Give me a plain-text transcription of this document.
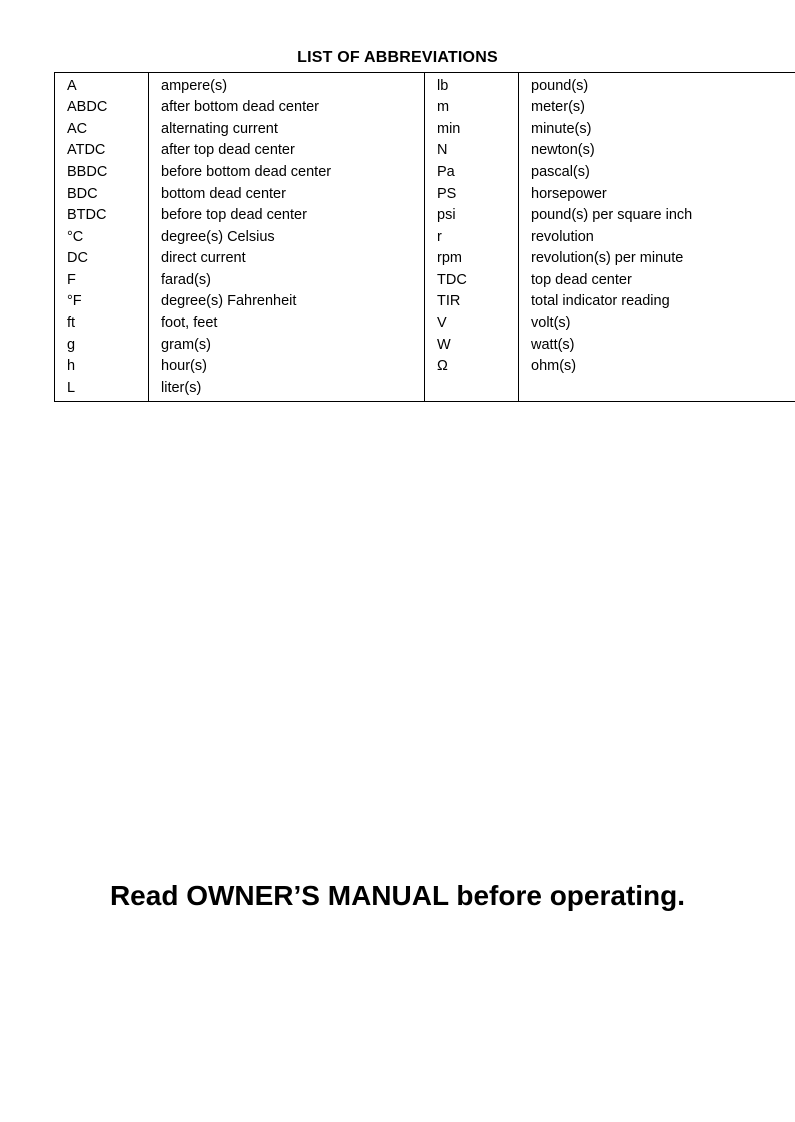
LIST OF ABBREVIATIONS
A	ampere(s)	lb	pound(s)
ABDC	after bottom dead center	m	meter(s)
AC	alternating current	min	minute(s)
ATDC	after top dead center	N	newton(s)
BBDC	before bottom dead center	Pa	pascal(s)
BDC	bottom dead center	PS	horsepower
BTDC	before top dead center	psi	pound(s) per square inch
°C	degree(s) Celsius	r	revolution
DC	direct current	rpm	revolution(s) per minute
F	farad(s)	TDC	top dead center
°F	degree(s) Fahrenheit	TIR	total indicator reading
ft	foot, feet	V	volt(s)
g	gram(s)	W	watt(s)
h	hour(s)	Ω	ohm(s)
L	liter(s)		
Read OWNER’S MANUAL before operating.
